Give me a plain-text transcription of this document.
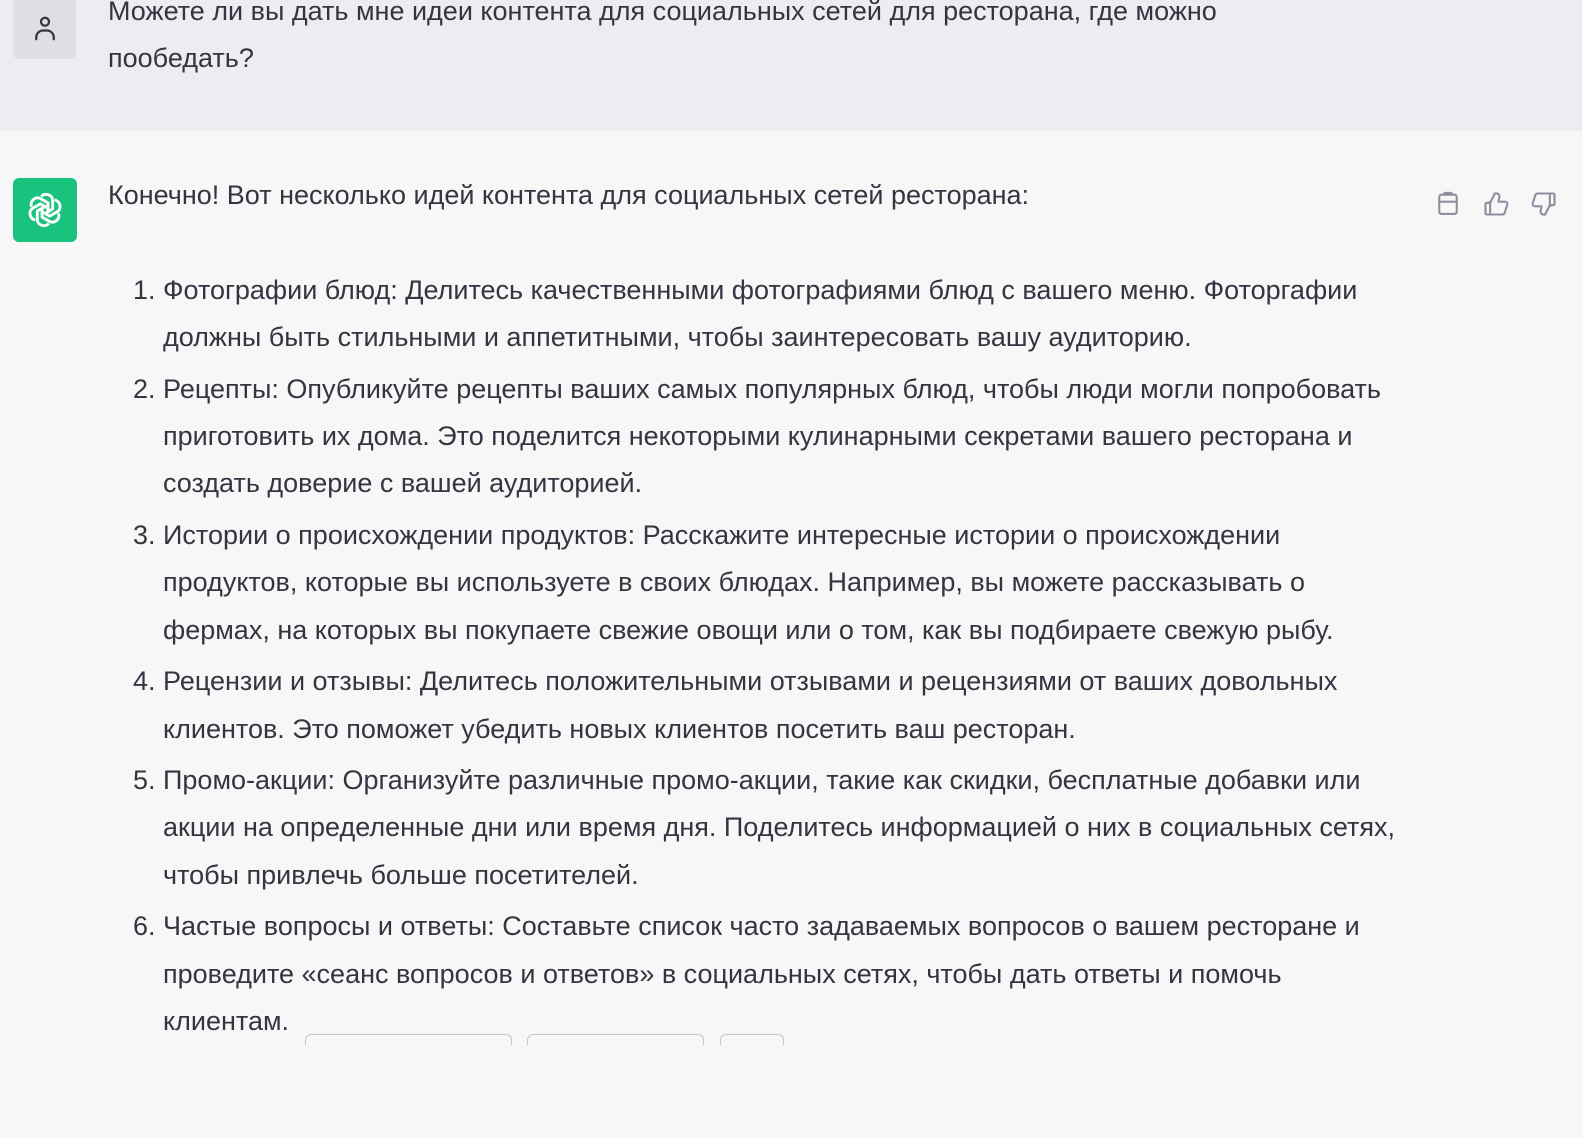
Можете ли вы дать мне идеи контента для социальных сетей для ресторана, где можно пообедать?
Конечно! Вот несколько идей контента для социальных сетей ресторана:
1. Фотографии блюд: Делитесь качественными фотографиями блюд с вашего меню. Фоторгафии должны быть стильными и аппетитными, чтобы заинтересовать вашу аудиторию.
2. Рецепты: Опубликуйте рецепты ваших самых популярных блюд, чтобы люди могли попробовать приготовить их дома. Это поделится некоторыми кулинарными секретами вашего ресторана и создать доверие с вашей аудиторией.
3. Истории о происхождении продуктов: Расскажите интересные истории о происхождении продуктов, которые вы используете в своих блюдах. Например, вы можете рассказывать о фермах, на которых вы покупаете свежие овощи или о том, как вы подбираете свежую рыбу.
4. Рецензии и отзывы: Делитесь положительными отзывами и рецензиями от ваших довольных клиентов. Это поможет убедить новых клиентов посетить ваш ресторан.
5. Промо-акции: Организуйте различные промо-акции, такие как скидки, бесплатные добавки или акции на определенные дни или время дня. Поделитесь информацией о них в социальных сетях, чтобы привлечь больше посетителей.
6. Частые вопросы и ответы: Составьте список часто задаваемых вопросов о вашем ресторане и проведите «сеанс вопросов и ответов» в социальных сетях, чтобы дать ответы и помочь клиентам.
